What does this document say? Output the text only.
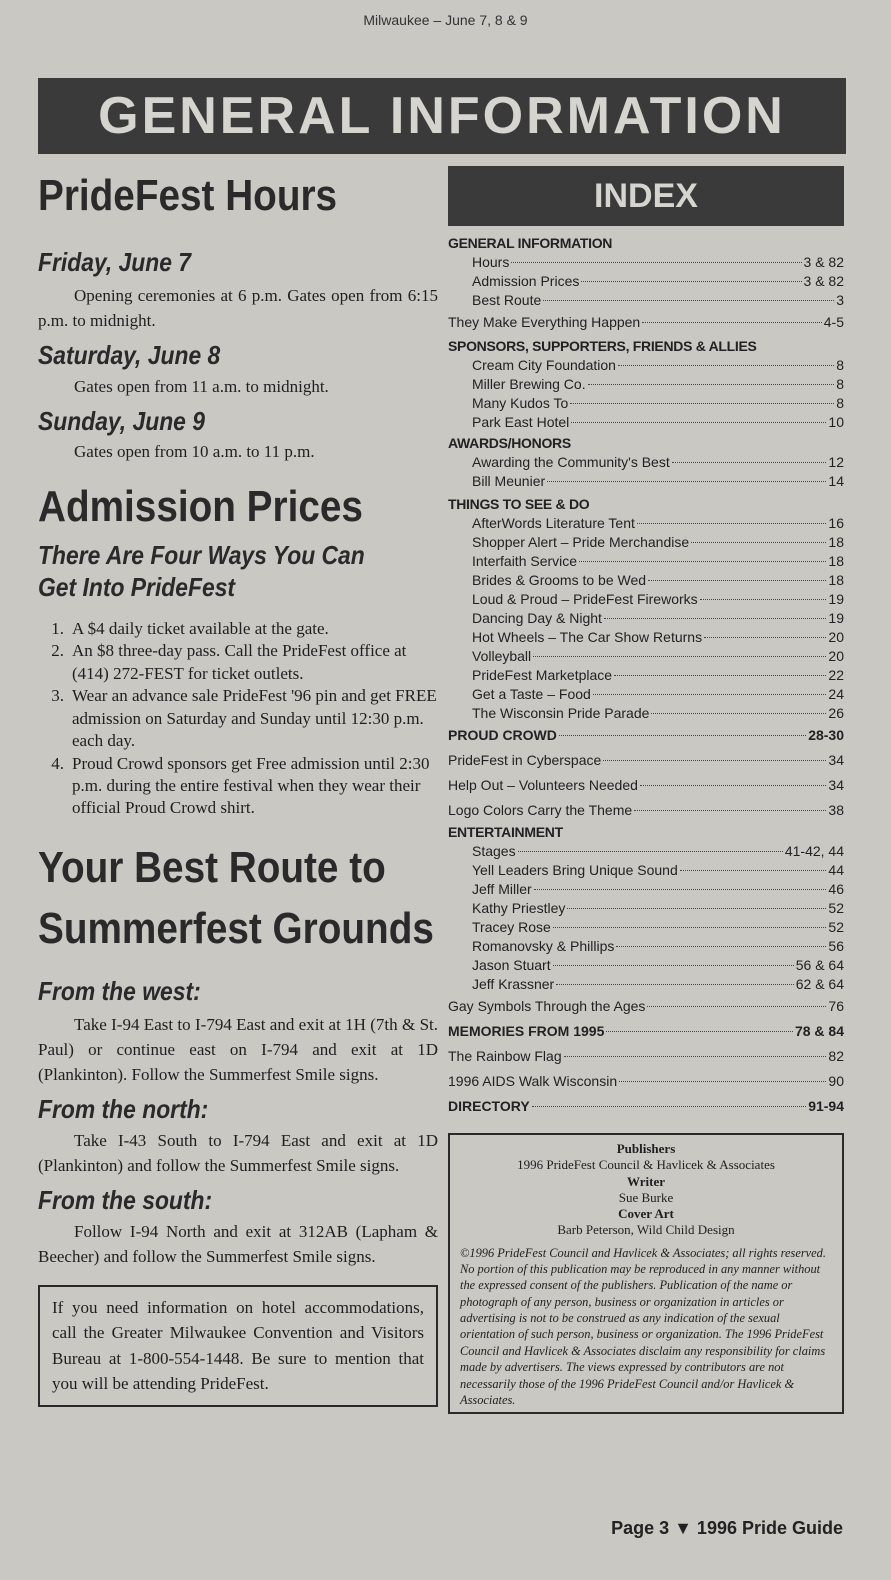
Milwaukee – June 7, 8 & 9
GENERAL INFORMATION
PrideFest Hours
Friday, June 7

Opening ceremonies at 6 p.m. Gates open from 6:15 p.m. to midnight.

Saturday, June 8

Gates open from 11 a.m. to midnight.

Sunday, June 9

Gates open from 10 a.m. to 11 p.m.

Admission Prices
There Are Four Ways You Can
Get Into PrideFest
1. A $4 daily ticket available at the gate.
2. An $8 three-day pass. Call the PrideFest office at (414) 272-FEST for ticket outlets.
3. Wear an advance sale PrideFest '96 pin and get FREE admission on Saturday and Sunday until 12:30 p.m. each day.
4. Proud Crowd sponsors get Free admission until 2:30 p.m. during the entire festival when they wear their official Proud Crowd shirt.
Your Best Route to
Summerfest Grounds
From the west:

Take I-94 East to I-794 East and exit at 1H (7th & St. Paul) or continue east on I-794 and exit at 1D (Plankinton). Follow the Summerfest Smile signs.

From the north:

Take I-43 South to I-794 East and exit at 1D (Plankinton) and follow the Summerfest Smile signs.

From the south:

Follow I-94 North and exit at 312AB (Lapham & Beecher) and follow the Summerfest Smile signs.

If you need information on hotel accommodations, call the Greater Milwaukee Convention and Visitors Bureau at 1-800-554-1448. Be sure to mention that you will be attending PrideFest.
INDEX
GENERAL INFORMATION
Hours	3 & 82
Admission Prices	3 & 82
Best Route	3
They Make Everything Happen	4-5
SPONSORS, SUPPORTERS, FRIENDS & ALLIES
Cream City Foundation	8
Miller Brewing Co.	8
Many Kudos To	8
Park East Hotel	10
AWARDS/HONORS
Awarding the Community's Best	12
Bill Meunier	14
THINGS TO SEE & DO
AfterWords Literature Tent	16
Shopper Alert – Pride Merchandise	18
Interfaith Service	18
Brides & Grooms to be Wed	18
Loud & Proud – PrideFest Fireworks	19
Dancing Day & Night	19
Hot Wheels – The Car Show Returns	20
Volleyball	20
PrideFest Marketplace	22
Get a Taste – Food	24
The Wisconsin Pride Parade	26
PROUD CROWD	28-30
PrideFest in Cyberspace	34
Help Out – Volunteers Needed	34
Logo Colors Carry the Theme	38
ENTERTAINMENT
Stages	41-42, 44
Yell Leaders Bring Unique Sound	44
Jeff Miller	46
Kathy Priestley	52
Tracey Rose	52
Romanovsky & Phillips	56
Jason Stuart	56 & 64
Jeff Krassner	62 & 64
Gay Symbols Through the Ages	76
MEMORIES FROM 1995	78 & 84
The Rainbow Flag	82
1996 AIDS Walk Wisconsin	90
DIRECTORY	91-94
Publishers
1996 PrideFest Council & Havlicek & Associates
Writer
Sue Burke
Cover Art
Barb Peterson, Wild Child Design

©1996 PrideFest Council and Havlicek & Associates; all rights reserved. No portion of this publication may be reproduced in any manner without the expressed consent of the publishers. Publication of the name or photograph of any person, business or organization in articles or advertising is not to be construed as any indication of the sexual orientation of such person, business or organization. The 1996 PrideFest Council and Havlicek & Associates disclaim any responsibility for claims made by advertisers. The views expressed by contributors are not necessarily those of the 1996 PrideFest Council and/or Havlicek & Associates.

Page 3 ▼ 1996 Pride Guide
